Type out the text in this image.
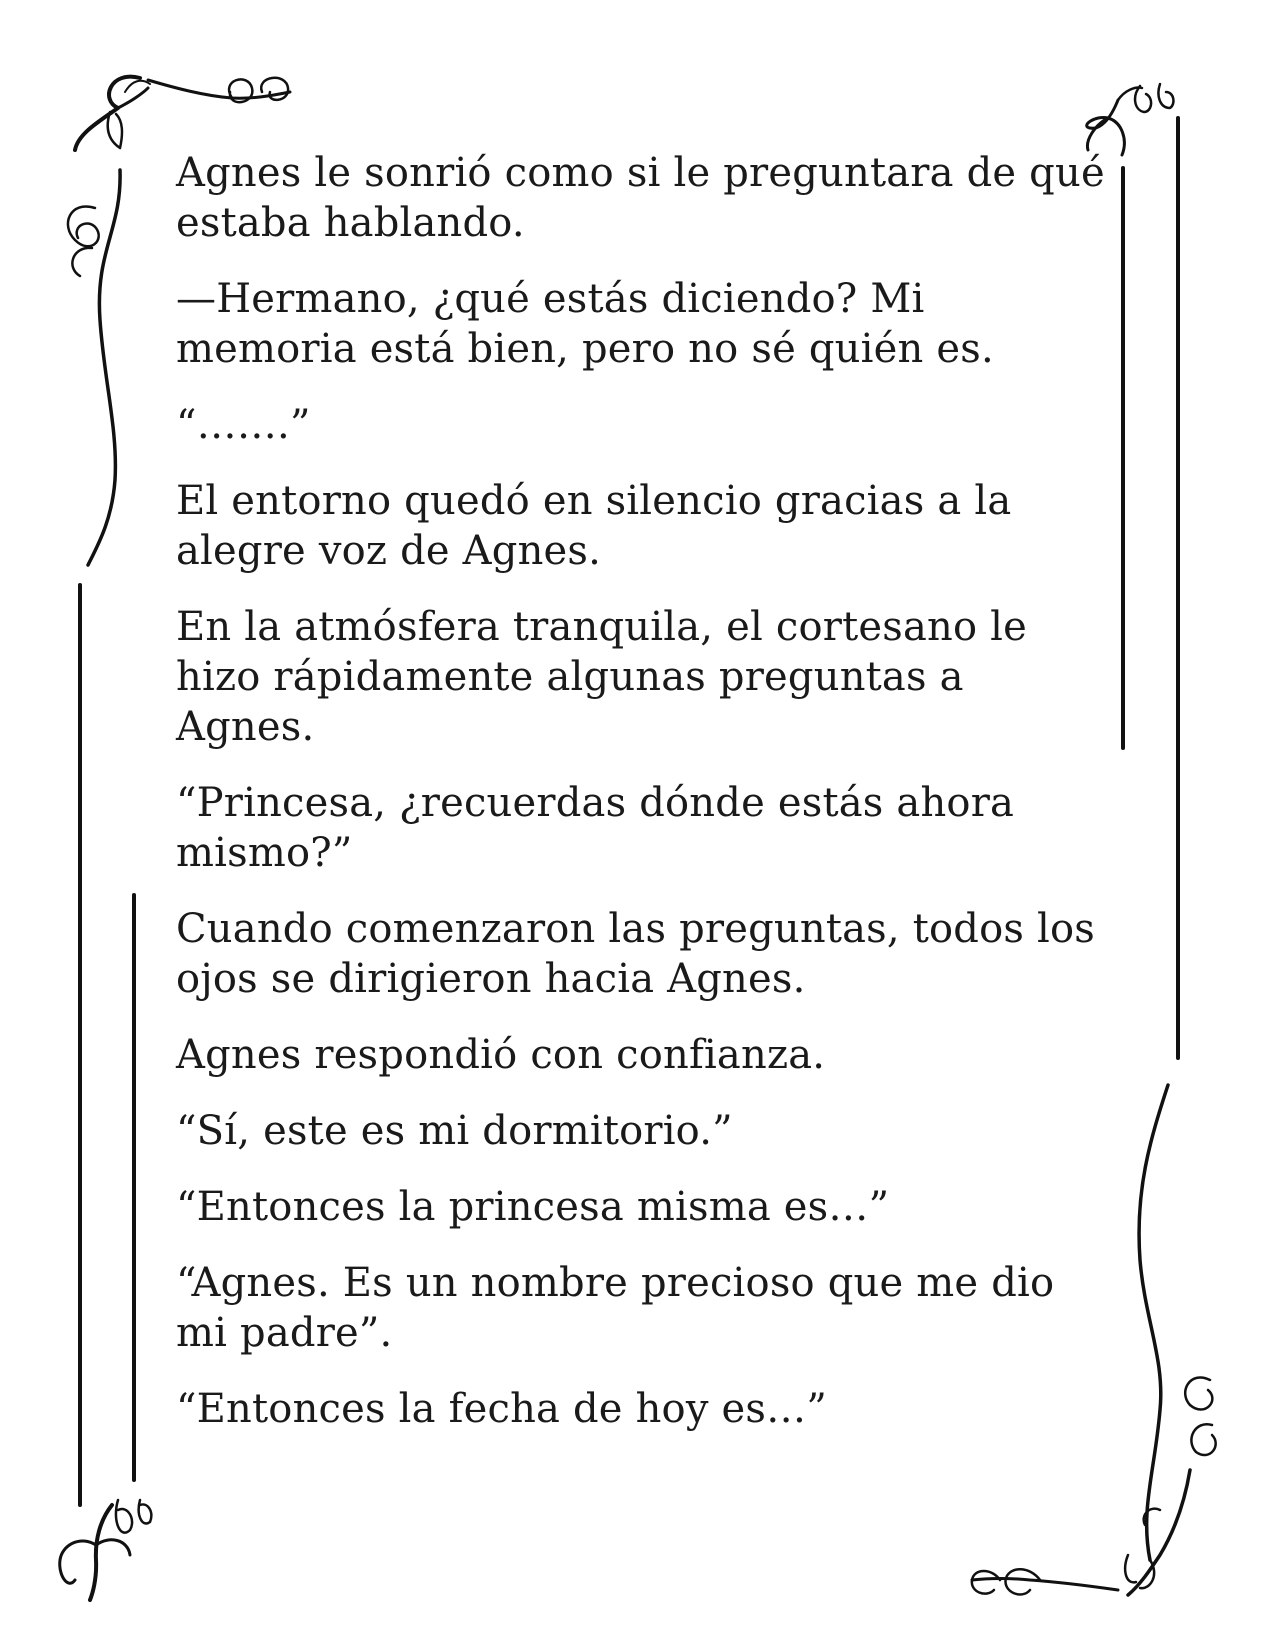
Agnes le sonrió como si le preguntara de qué estaba hablando.

—Hermano, ¿qué estás diciendo? Mi memoria está bien, pero no sé quién es.

“…….”

El entorno quedó en silencio gracias a la alegre voz de Agnes.

En la atmósfera tranquila, el cortesano le hizo rápidamente algunas preguntas a Agnes.

“Princesa, ¿recuerdas dónde estás ahora mismo?”

Cuando comenzaron las preguntas, todos los ojos se dirigieron hacia Agnes.

Agnes respondió con confianza.

“Sí, este es mi dormitorio.”

“Entonces la princesa misma es…”

“Agnes. Es un nombre precioso que me dio mi padre”.

“Entonces la fecha de hoy es…”
